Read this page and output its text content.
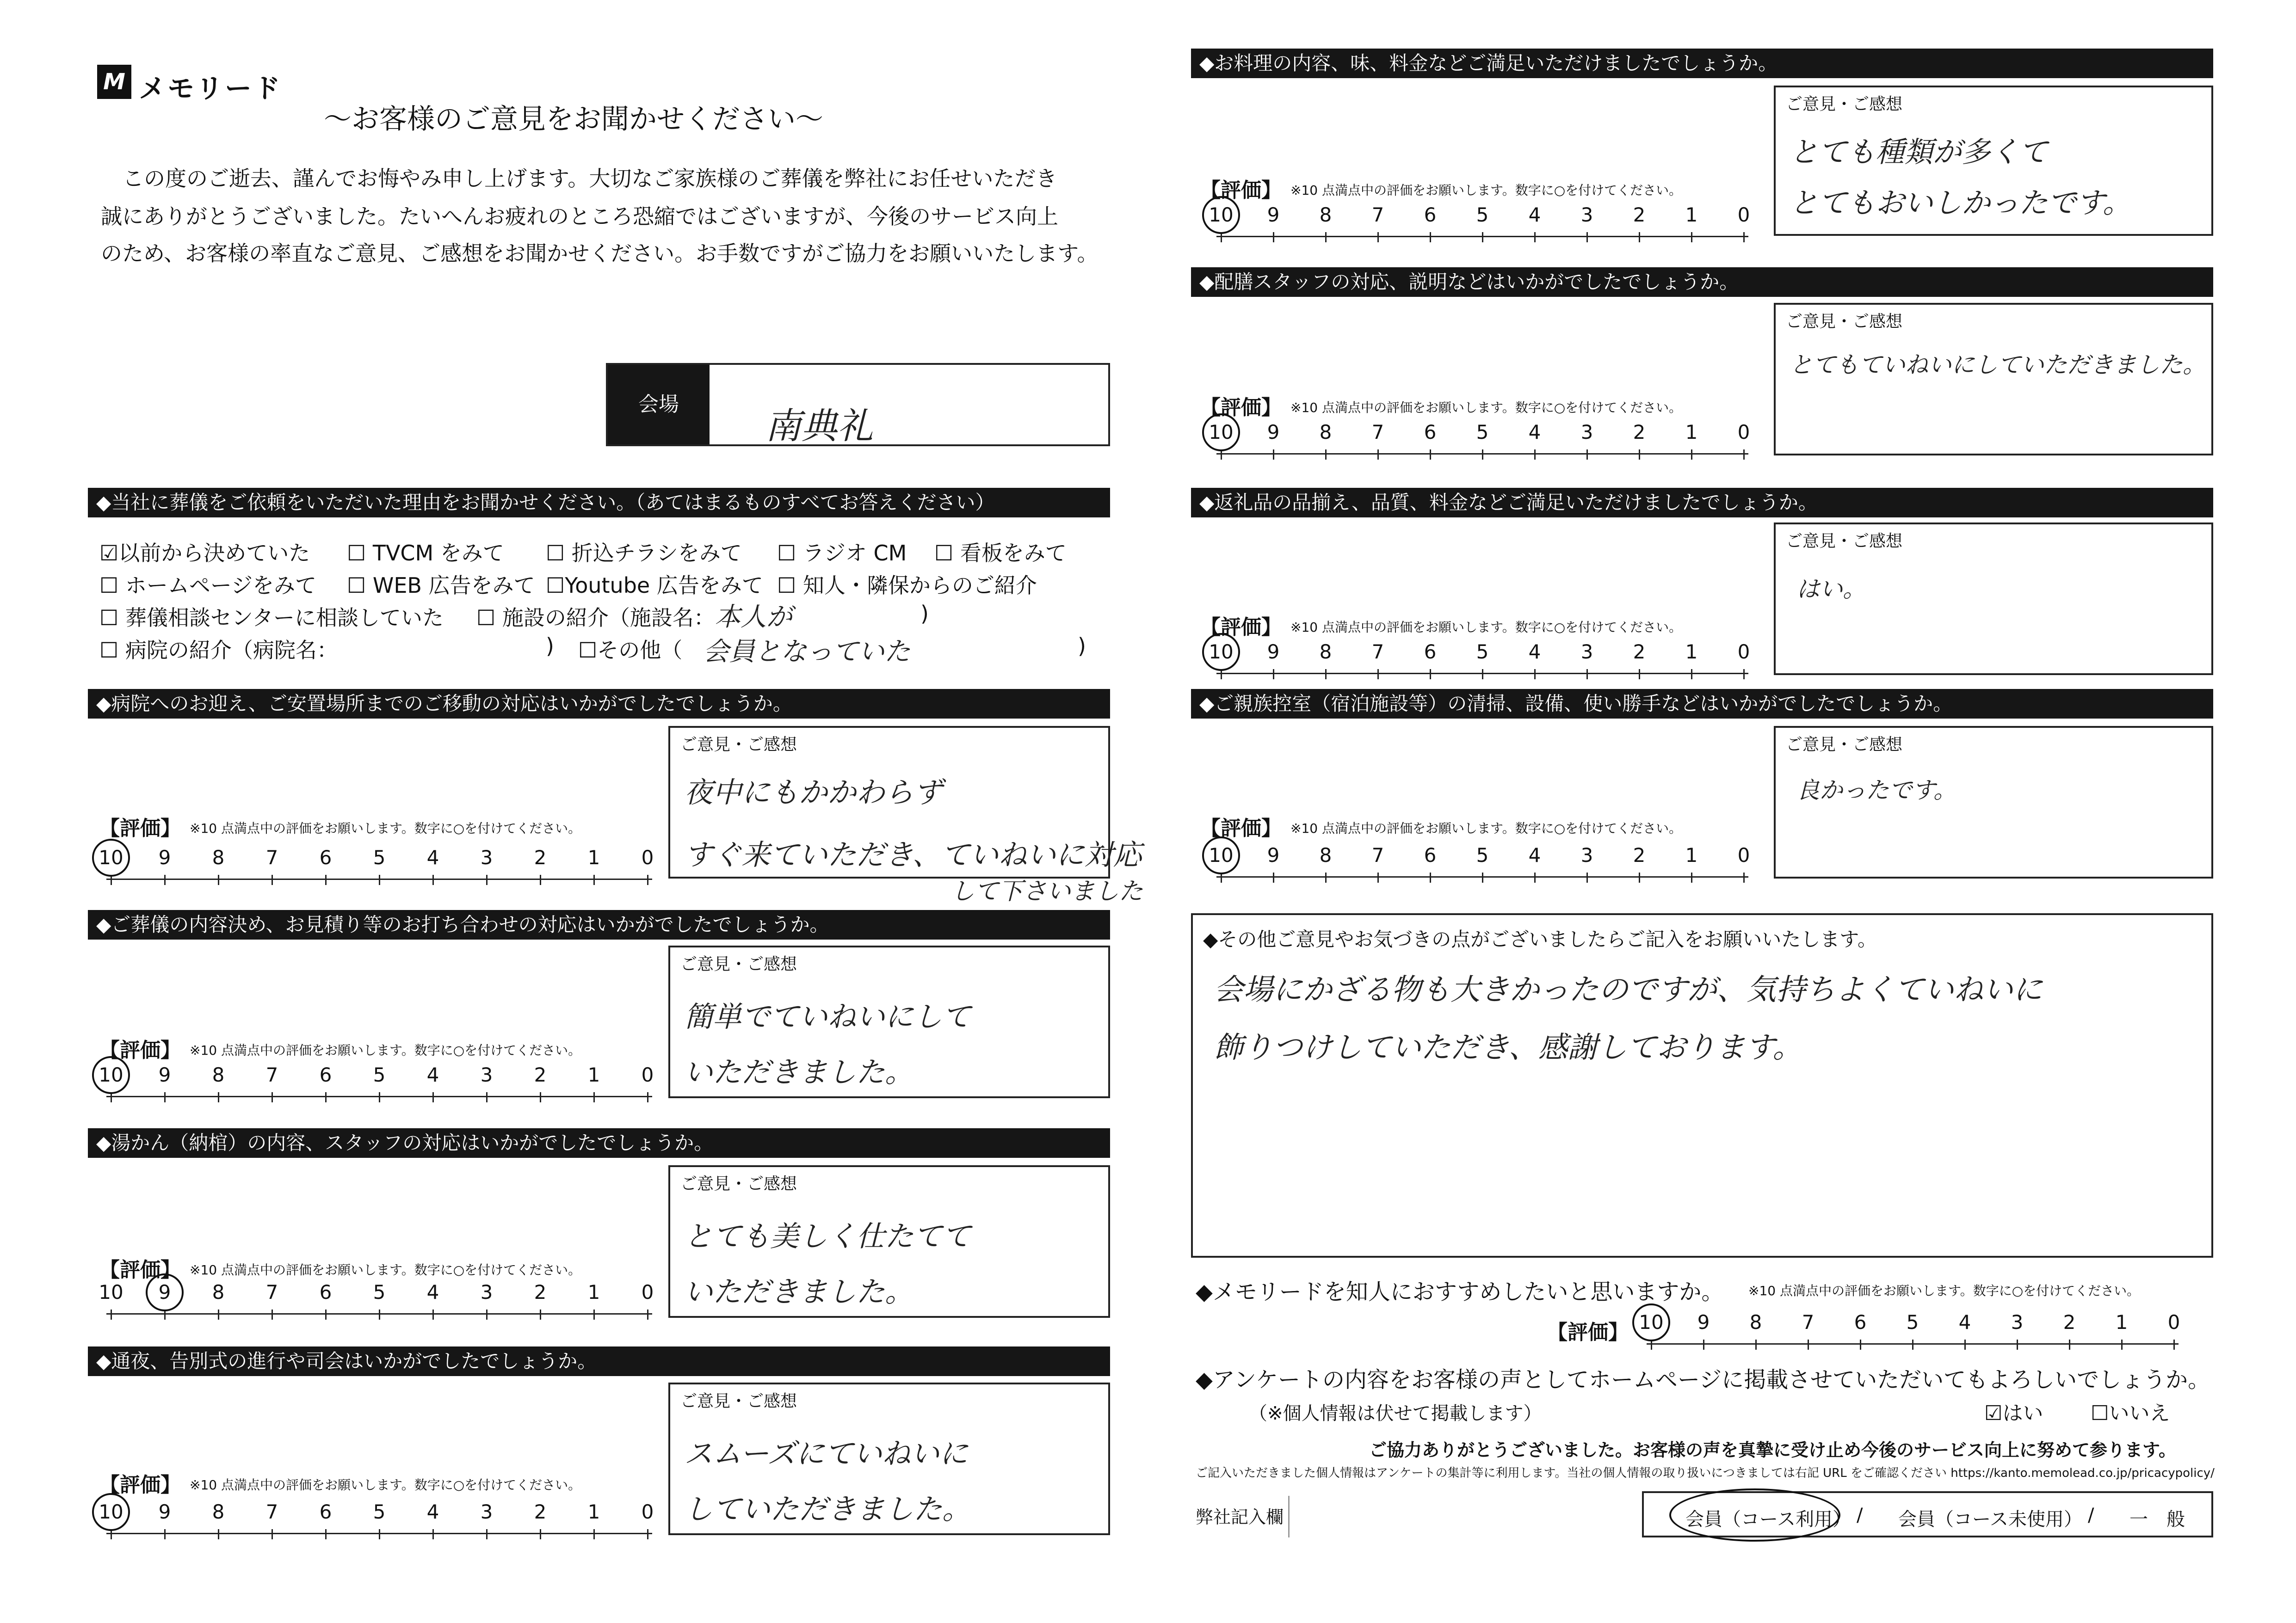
M メモリード
～お客様のご意見をお聞かせください～
この度のご逝去、謹んでお悔やみ申し上げます。大切なご家族様のご葬儀を弊社にお任せいただき
誠にありがとうございました。たいへんお疲れのところ恐縮ではございますが、今後のサービス向上
のため、お客様の率直なご意見、ご感想をお聞かせください。お手数ですがご協力をお願いいたします。
会場
南典礼
◆当社に葬儀をご依頼をいただいた理由をお聞かせください。（あてはまるものすべてお答えください）
☑以前から決めていた ☐ TVCM をみて ☐ 折込チラシをみて ☐ ラジオ CM ☐ 看板をみて
☐ ホームページをみて ☐ WEB 広告をみて ☐Youtube 広告をみて ☐ 知人・隣保からのご紹介
☐ 葬儀相談センターに相談していた ☐ 施設の紹介（施設名： 本人が	)
☐ 病院の紹介（病院名：	) ☐その他（ 会員となっていた	)
◆病院へのお迎え、ご安置場所までのご移動の対応はいかがでしたでしょうか。
【評価】 ※10 点満点中の評価をお願いします。数字に○を付けてください。
10 9 8 7 6 5 4 3 2 1 0
ご意見・ご感想
夜中にもかかわらず
すぐ来ていただき、ていねいに対応
して下さいました
◆ご葬儀の内容決め、お見積り等のお打ち合わせの対応はいかがでしたでしょうか。
【評価】 ※10 点満点中の評価をお願いします。数字に○を付けてください。
10 9 8 7 6 5 4 3 2 1 0
ご意見・ご感想
簡単でていねいにして
いただきました。
◆湯かん（納棺）の内容、スタッフの対応はいかがでしたでしょうか。
【評価】 ※10 点満点中の評価をお願いします。数字に○を付けてください。
10 9 8 7 6 5 4 3 2 1 0
ご意見・ご感想
とても美しく仕たてて
いただきました。
◆通夜、告別式の進行や司会はいかがでしたでしょうか。
【評価】 ※10 点満点中の評価をお願いします。数字に○を付けてください。
10 9 8 7 6 5 4 3 2 1 0
ご意見・ご感想
スムーズにていねいに
していただきました。
◆お料理の内容、味、料金などご満足いただけましたでしょうか。
【評価】 ※10 点満点中の評価をお願いします。数字に○を付けてください。
10 9 8 7 6 5 4 3 2 1 0
ご意見・ご感想
とても種類が多くて
とてもおいしかったです。
◆配膳スタッフの対応、説明などはいかがでしたでしょうか。
【評価】 ※10 点満点中の評価をお願いします。数字に○を付けてください。
10 9 8 7 6 5 4 3 2 1 0
ご意見・ご感想
とてもていねいにしていただきました。
◆返礼品の品揃え、品質、料金などご満足いただけましたでしょうか。
【評価】 ※10 点満点中の評価をお願いします。数字に○を付けてください。
10 9 8 7 6 5 4 3 2 1 0
ご意見・ご感想
はい。
◆ご親族控室（宿泊施設等）の清掃、設備、使い勝手などはいかがでしたでしょうか。
【評価】 ※10 点満点中の評価をお願いします。数字に○を付けてください。
10 9 8 7 6 5 4 3 2 1 0
ご意見・ご感想
良かったです。
◆その他ご意見やお気づきの点がございましたらご記入をお願いいたします。
会場にかざる物も大きかったのですが、気持ちよくていねいに
飾りつけしていただき、感謝しております。
◆メモリードを知人におすすめしたいと思いますか。 ※10 点満点中の評価をお願いします。数字に○を付けてください。
【評価】 10 9 8 7 6 5 4 3 2 1 0
◆アンケートの内容をお客様の声としてホームページに掲載させていただいてもよろしいでしょうか。
（※個人情報は伏せて掲載します）	☑はい ☐いいえ
ご協力ありがとうございました。お客様の声を真摯に受け止め今後のサービス向上に努めて参ります。
ご記入いただきました個人情報はアンケートの集計等に利用します。当社の個人情報の取り扱いにつきましては右記 URL をご確認ください https://kanto.memolead.co.jp/pricacypolicy/
弊社記入欄	会員（コース利用） / 会員（コース未使用） / 一　般
